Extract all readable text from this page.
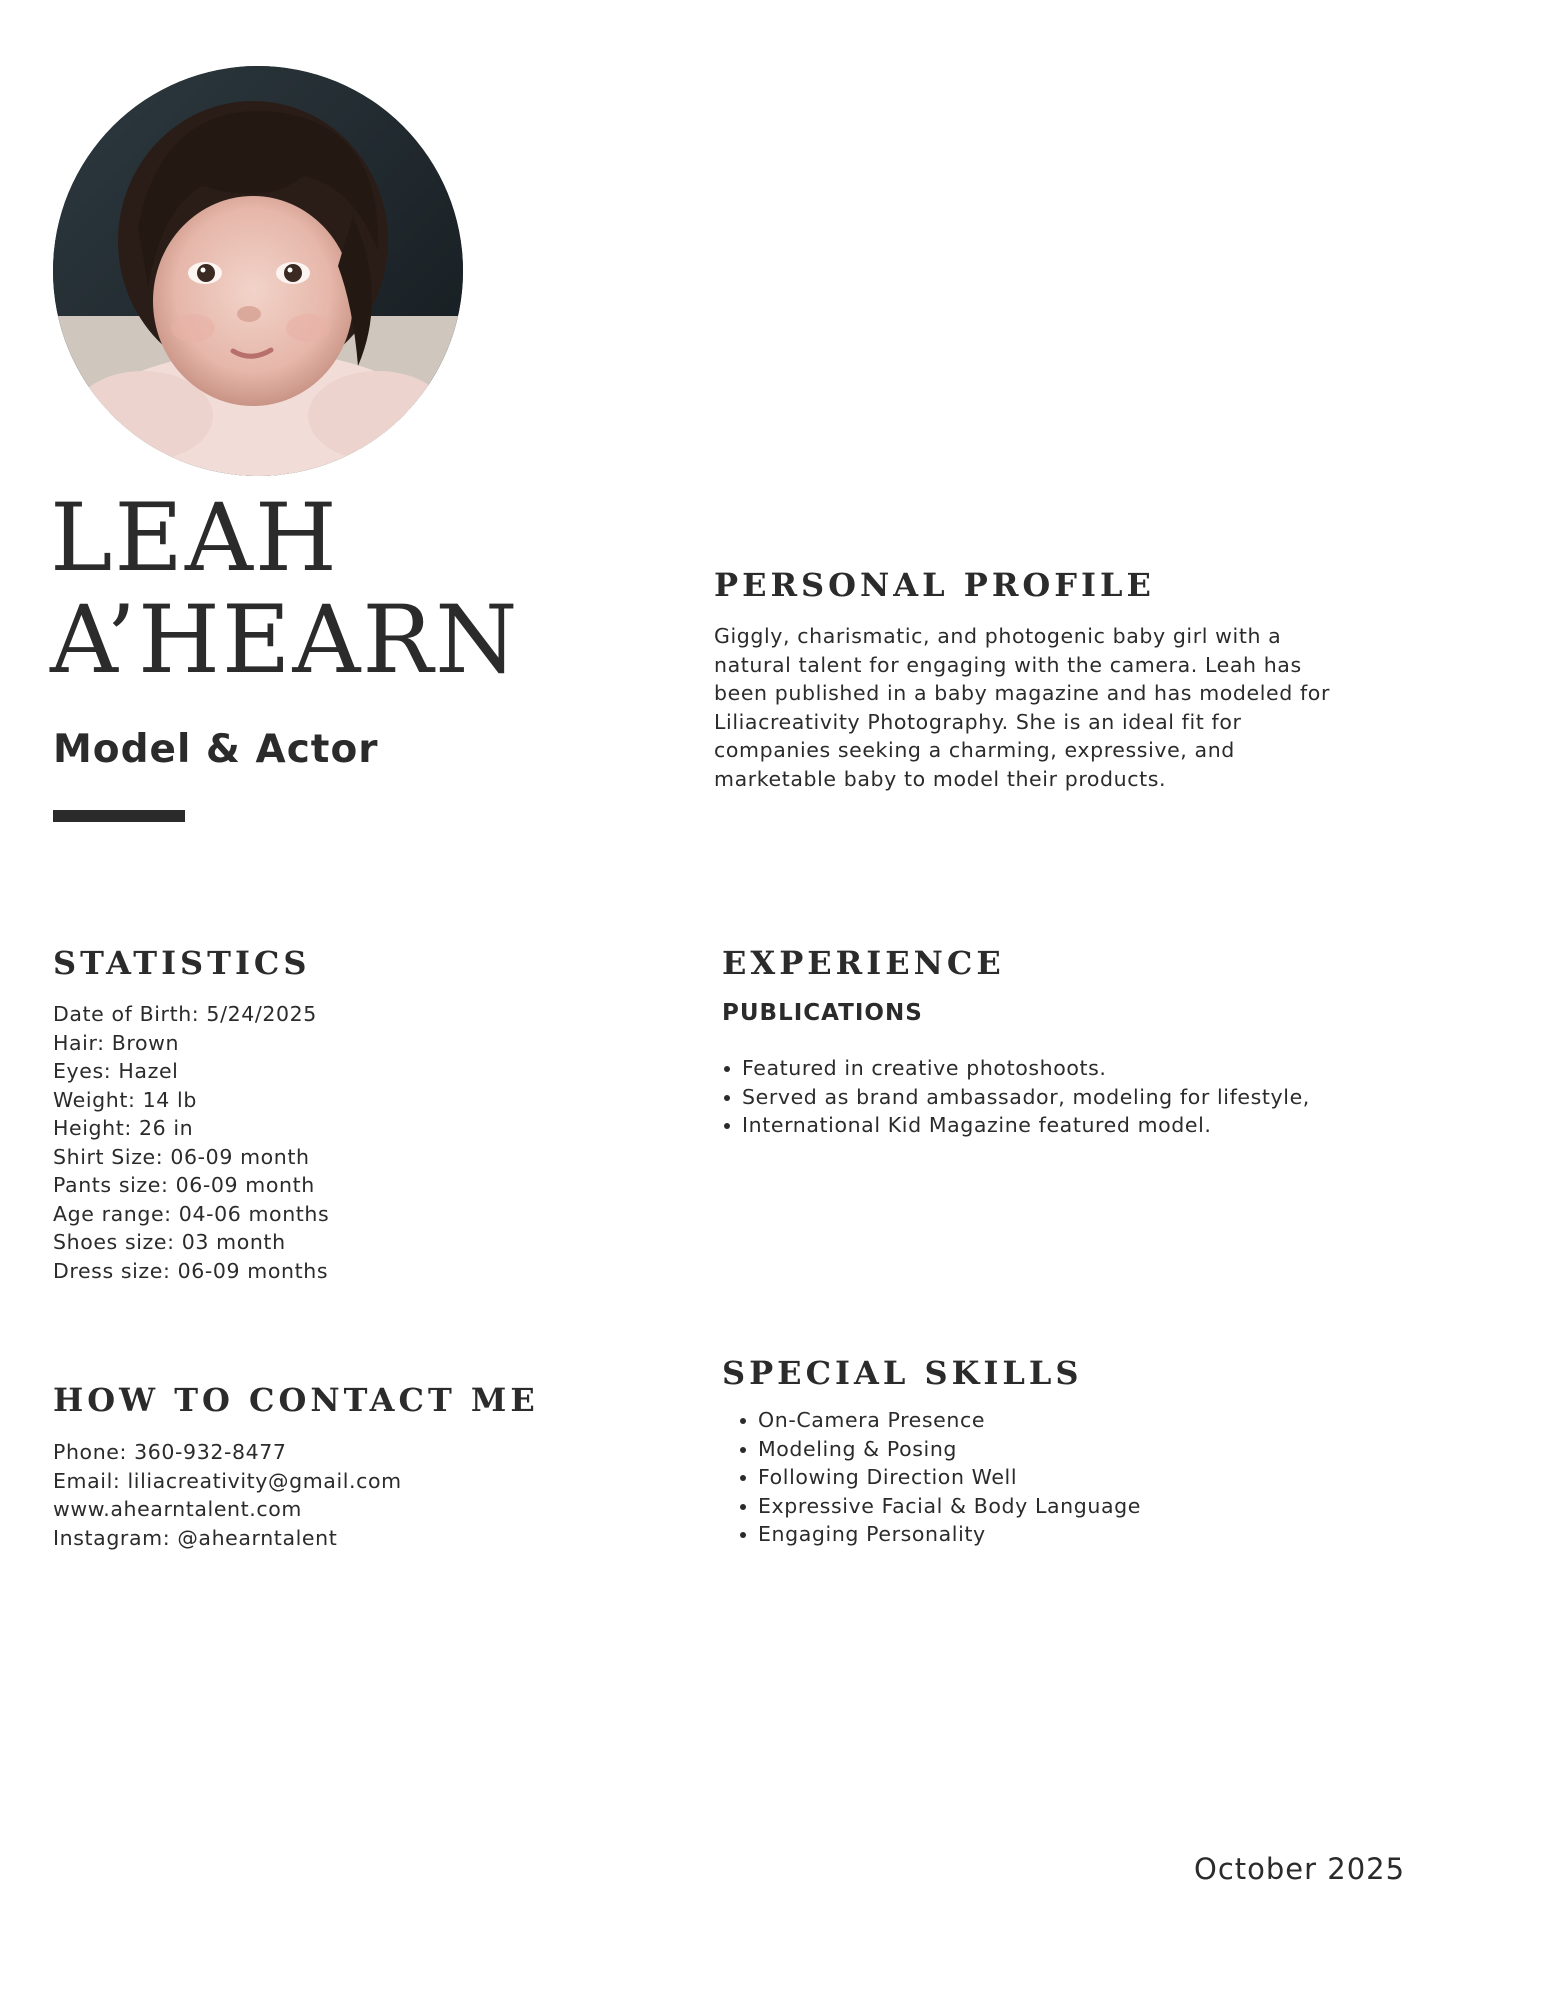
LEAH
A’HEARN
Model & Actor
PERSONAL PROFILE

Giggly, charismatic, and photogenic baby girl with a
natural talent for engaging with the camera. Leah has
been published in a baby magazine and has modeled for
Liliacreativity Photography. She is an ideal fit for
companies seeking a charming, expressive, and
marketable baby to model their products.

STATISTICS
Date of Birth: 5/24/2025
Hair: Brown
Eyes: Hazel
Weight: 14 lb
Height: 26 in
Shirt Size: 06-09 month
Pants size: 06-09 month
Age range: 04-06 months
Shoes size: 03 month
Dress size: 06-09 months
EXPERIENCE
PUBLICATIONS
Featured in creative photoshoots.
Served as brand ambassador, modeling for lifestyle,
International Kid Magazine featured model.
HOW TO CONTACT ME
Phone: 360-932-8477
Email: liliacreativity@gmail.com
www.ahearntalent.com
Instagram: @ahearntalent
SPECIAL SKILLS
On-Camera Presence
Modeling & Posing
Following Direction Well
Expressive Facial & Body Language
Engaging Personality
October 2025
